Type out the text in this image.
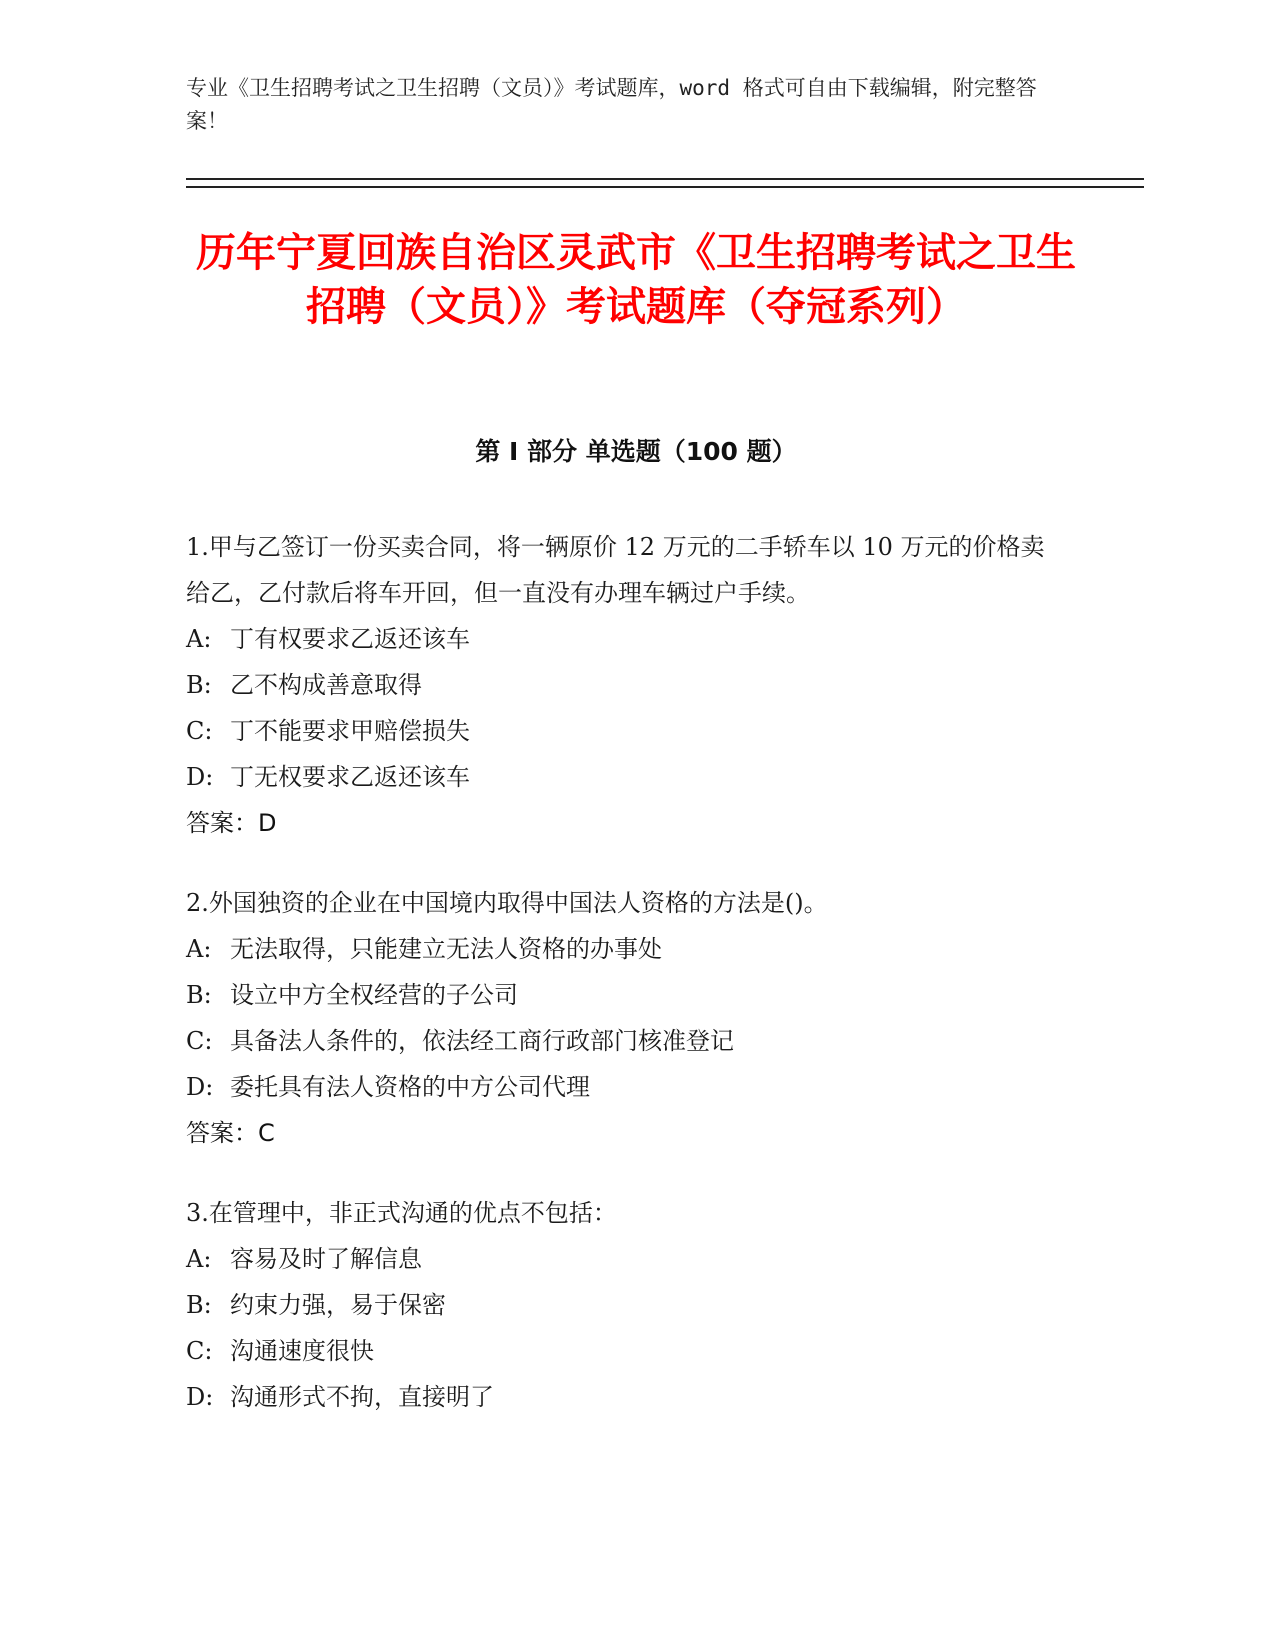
专业《卫生招聘考试之卫生招聘（文员）》考试题库，word 格式可自由下载编辑，附完整答案！
历年宁夏回族自治区灵武市《卫生招聘考试之卫生招聘（文员）》考试题库（夺冠系列）
第 I 部分 单选题（100 题）
1.甲与乙签订一份买卖合同，将一辆原价 12 万元的二手轿车以 10 万元的价格卖给乙，乙付款后将车开回，但一直没有办理车辆过户手续。
A: 丁有权要求乙返还该车
B: 乙不构成善意取得
C: 丁不能要求甲赔偿损失
D: 丁无权要求乙返还该车
答案：D
2.外国独资的企业在中国境内取得中国法人资格的方法是()。
A: 无法取得，只能建立无法人资格的办事处
B: 设立中方全权经营的子公司
C: 具备法人条件的，依法经工商行政部门核准登记
D: 委托具有法人资格的中方公司代理
答案：C
3.在管理中，非正式沟通的优点不包括：
A: 容易及时了解信息
B: 约束力强，易于保密
C: 沟通速度很快
D: 沟通形式不拘，直接明了
